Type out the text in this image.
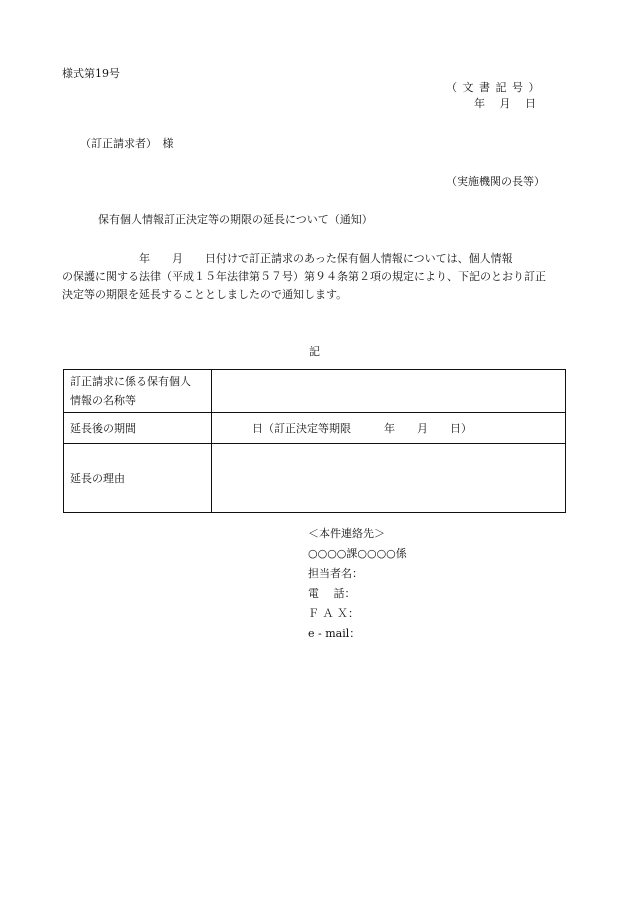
様式第19号
（ 文 書 記 号 ）
年　 月　 日
（訂正請求者）　様
（実施機関の長等）
保有個人情報訂正決定等の期限の延長について（通知）
　　　　　　　年　　月　　日付けで訂正請求のあった保有個人情報については、個人情報
の保護に関する法律（平成１５年法律第５７号）第９４条第２項の規定により、下記のとおり訂正
決定等の期限を延長することとしましたので通知します。
記
訂正請求に係る保有個人
情報の名称等	

延長後の期間	日（訂正決定等期限　　　年　　月　　日）
延長の理由	
＜本件連絡先＞
○○○○課○○○○係
担当者名：
電　 話：
Ｆ Ａ Ｘ：
e - mail：
